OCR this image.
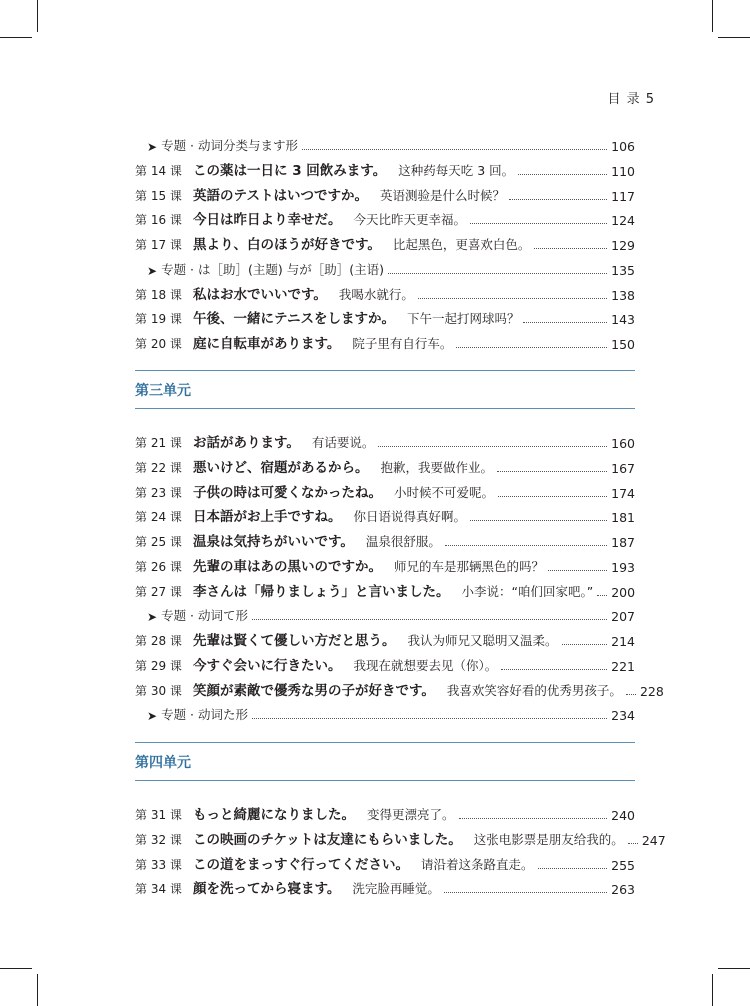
目 录 5
➤ 专题 · 动词分类与ます形	106
第 14 课 この薬は一日に 3 回飲みます。 这种药每天吃 3 回。	110
第 15 课 英語のテストはいつですか。 英语测验是什么时候？	117
第 16 课 今日は昨日より幸せだ。 今天比昨天更幸福。	124
第 17 课 黒より、白のほうが好きです。 比起黑色，更喜欢白色。	129
➤ 专题 · は［助］(主题) 与が［助］(主语)	135
第 18 课 私はお水でいいです。 我喝水就行。	138
第 19 课 午後、一緒にテニスをしますか。 下午一起打网球吗？	143
第 20 课 庭に自転車があります。 院子里有自行车。	150
第三单元
第 21 课 お話があります。 有话要说。	160
第 22 课 悪いけど、宿題があるから。 抱歉，我要做作业。	167
第 23 课 子供の時は可愛くなかったね。 小时候不可爱呢。	174
第 24 课 日本語がお上手ですね。 你日语说得真好啊。	181
第 25 课 温泉は気持ちがいいです。 温泉很舒服。	187
第 26 课 先輩の車はあの黒いのですか。 师兄的车是那辆黑色的吗？	193
第 27 课 李さんは「帰りましょう」と言いました。 小李说：“咱们回家吧。” 200
➤ 专题 · 动词て形	207
第 28 课 先輩は賢くて優しい方だと思う。 我认为师兄又聪明又温柔。	214
第 29 课 今すぐ会いに行きたい。 我现在就想要去见（你）。	221
第 30 课 笑顔が素敵で優秀な男の子が好きです。 我喜欢笑容好看的优秀男孩子。 228
➤ 专题 · 动词た形	234
第四单元
第 31 课 もっと綺麗になりました。 变得更漂亮了。	240
第 32 课 この映画のチケットは友達にもらいました。 这张电影票是朋友给我的。 247
第 33 课 この道をまっすぐ行ってください。 请沿着这条路直走。	255
第 34 课 顔を洗ってから寝ます。 洗完脸再睡觉。	263
